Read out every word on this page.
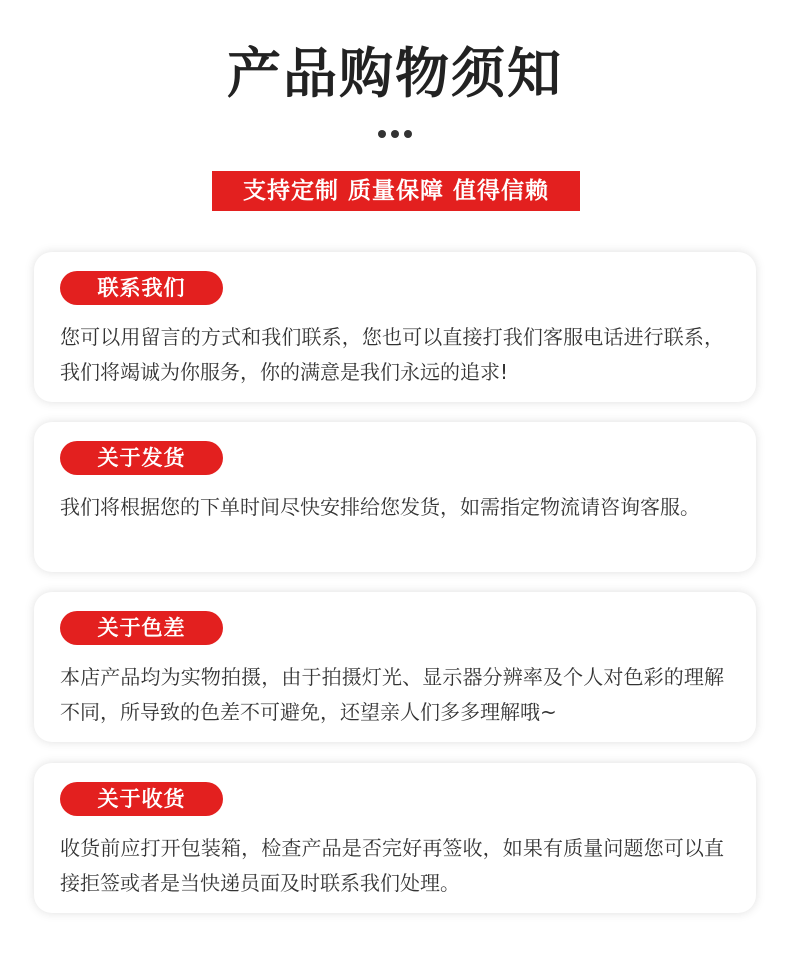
产品购物须知
支持定制 质量保障 值得信赖
联系我们
您可以用留言的方式和我们联系，您也可以直接打我们客服电话进行联系，我们将竭诚为你服务，你的满意是我们永远的追求!
关于发货
我们将根据您的下单时间尽快安排给您发货，如需指定物流请咨询客服。
关于色差
本店产品均为实物拍摄，由于拍摄灯光、显示器分辨率及个人对色彩的理解不同，所导致的色差不可避免，还望亲人们多多理解哦~
关于收货
收货前应打开包装箱，检查产品是否完好再签收，如果有质量问题您可以直接拒签或者是当快递员面及时联系我们处理。
